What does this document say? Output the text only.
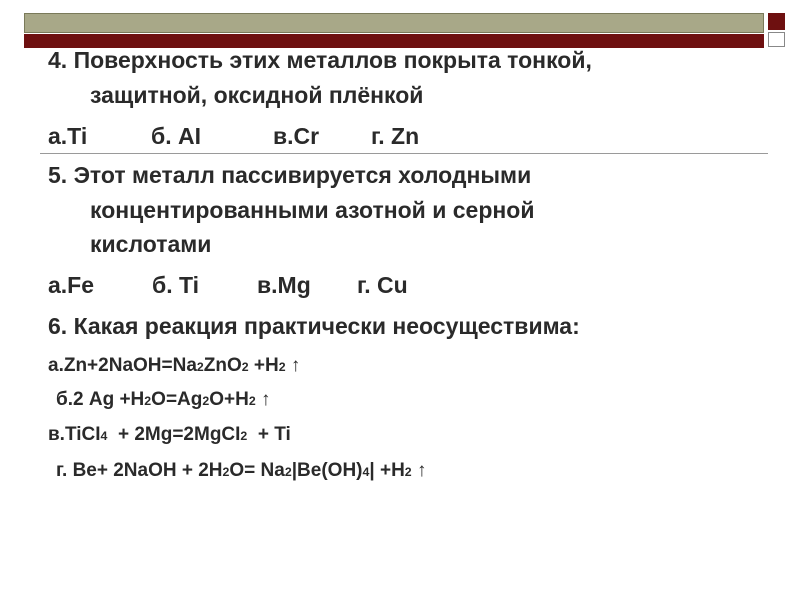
4. Поверхность этих металлов покрыта тонкой,
защитной, оксидной плёнкой
а.Ti	б. AI	в.Cr г. Zn
5. Этот металл пассивируется холодными
концентированными азотной и серной
кислотами
а.Fe	б. Ti	в.Mg г. Cu
6. Какая реакция практически неосуществима:
а.Zn+2NaOH=Na2ZnO2 +H2 ↑
б.2 Ag +H2O=Ag2O+H2 ↑
в.TiCI4  + 2Mg=2MgCI2  + Ti
г. Be+ 2NaOH + 2H2O= Na2|Be(OH)4| +H2 ↑
